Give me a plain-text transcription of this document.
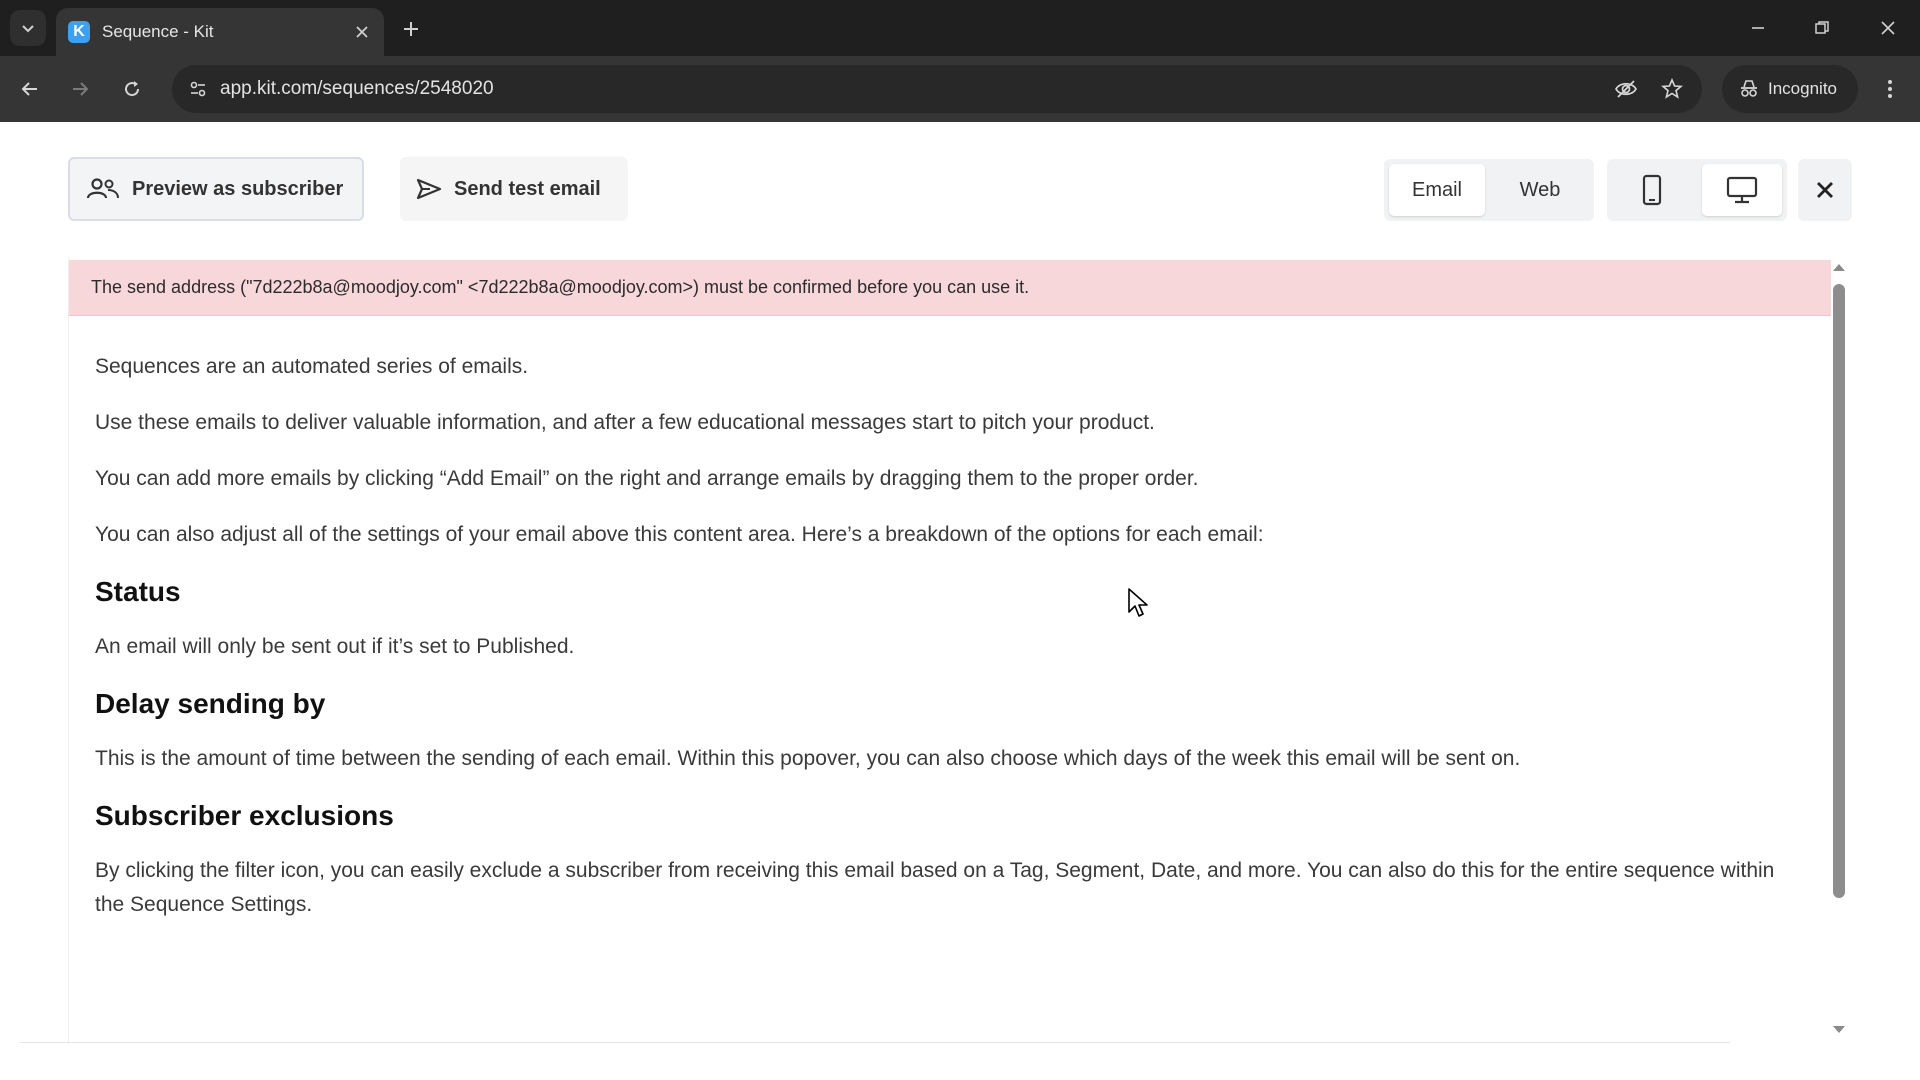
K	Sequence - Kit
app.kit.com/sequences/2548020	Incognito
Preview as subscriber	Send test email	Email	Web
The send address ("7d222b8a@moodjoy.com" <7d222b8a@moodjoy.com>) must be confirmed before you can use it.

Sequences are an automated series of emails.

Use these emails to deliver valuable information, and after a few educational messages start to pitch your product.

You can add more emails by clicking “Add Email” on the right and arrange emails by dragging them to the proper order.

You can also adjust all of the settings of your email above this content area. Here’s a breakdown of the options for each email:

Status

An email will only be sent out if it’s set to Published.

Delay sending by

This is the amount of time between the sending of each email. Within this popover, you can also choose which days of the week this email will be sent on.

Subscriber exclusions

By clicking the filter icon, you can easily exclude a subscriber from receiving this email based on a Tag, Segment, Date, and more. You can also do this for the entire sequence within the Sequence Settings.
